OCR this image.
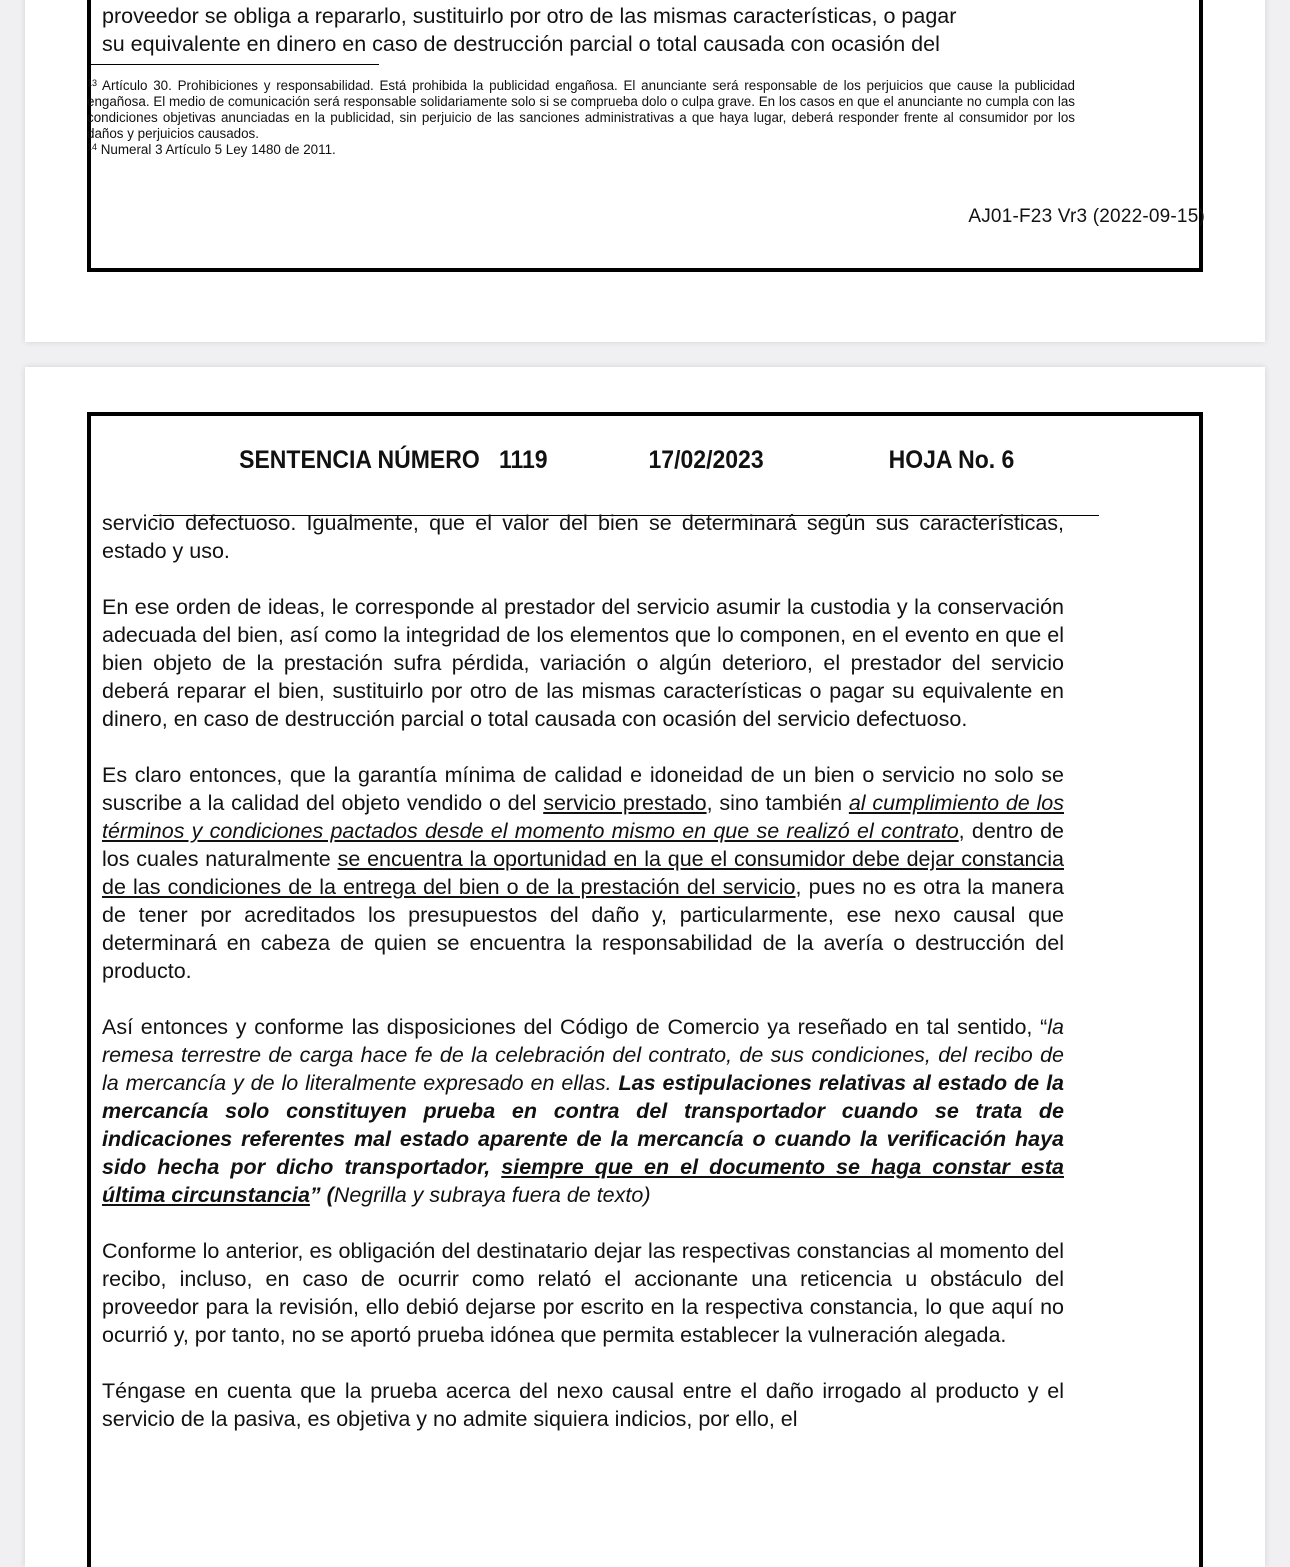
proveedor se obliga a repararlo, sustituirlo por otro de las mismas características, o pagar
su equivalente en dinero en caso de destrucción parcial o total causada con ocasión del

$^{13}$ Artículo 30. Prohibiciones y responsabilidad. Está prohibida la publicidad engañosa. El anunciante será responsable de los perjuicios que cause la publicidad engañosa. El medio de comunicación será responsable solidariamente solo si se comprueba dolo o culpa grave. En los casos en que el anunciante no cumpla con las condiciones objetivas anunciadas en la publicidad, sin perjuicio de las sanciones administrativas a que haya lugar, deberá responder frente al consumidor por los daños y perjuicios causados.

$^{14}$ Numeral 3 Artículo 5 Ley 1480 de 2011.

AJ01-F23 Vr3 (2022-09-15)
SENTENCIA NÚMERO 1119	17/02/2023	HOJA No. 6

servicio defectuoso. Igualmente, que el valor del bien se determinará según sus características, estado y uso.

En ese orden de ideas, le corresponde al prestador del servicio asumir la custodia y la conservación adecuada del bien, así como la integridad de los elementos que lo componen, en el evento en que el bien objeto de la prestación sufra pérdida, variación o algún deterioro, el prestador del servicio deberá reparar el bien, sustituirlo por otro de las mismas características o pagar su equivalente en dinero, en caso de destrucción parcial o total causada con ocasión del servicio defectuoso.

Es claro entonces, que la garantía mínima de calidad e idoneidad de un bien o servicio no solo se suscribe a la calidad del objeto vendido o del servicio prestado, sino también al cumplimiento de los términos y condiciones pactados desde el momento mismo en que se realizó el contrato, dentro de los cuales naturalmente se encuentra la oportunidad en la que el consumidor debe dejar constancia de las condiciones de la entrega del bien o de la prestación del servicio, pues no es otra la manera de tener por acreditados los presupuestos del daño y, particularmente, ese nexo causal que determinará en cabeza de quien se encuentra la responsabilidad de la avería o destrucción del producto.

Así entonces y conforme las disposiciones del Código de Comercio ya reseñado en tal sentido, “la remesa terrestre de carga hace fe de la celebración del contrato, de sus condiciones, del recibo de la mercancía y de lo literalmente expresado en ellas. Las estipulaciones relativas al estado de la mercancía solo constituyen prueba en contra del transportador cuando se trata de indicaciones referentes mal estado aparente de la mercancía o cuando la verificación haya sido hecha por dicho transportador, siempre que en el documento se haga constar esta última circunstancia” (Negrilla y subraya fuera de texto)

Conforme lo anterior, es obligación del destinatario dejar las respectivas constancias al momento del recibo, incluso, en caso de ocurrir como relató el accionante una reticencia u obstáculo del proveedor para la revisión, ello debió dejarse por escrito en la respectiva constancia, lo que aquí no ocurrió y, por tanto, no se aportó prueba idónea que permita establecer la vulneración alegada.

Téngase en cuenta que la prueba acerca del nexo causal entre el daño irrogado al producto y el servicio de la pasiva, es objetiva y no admite siquiera indicios, por ello, el
